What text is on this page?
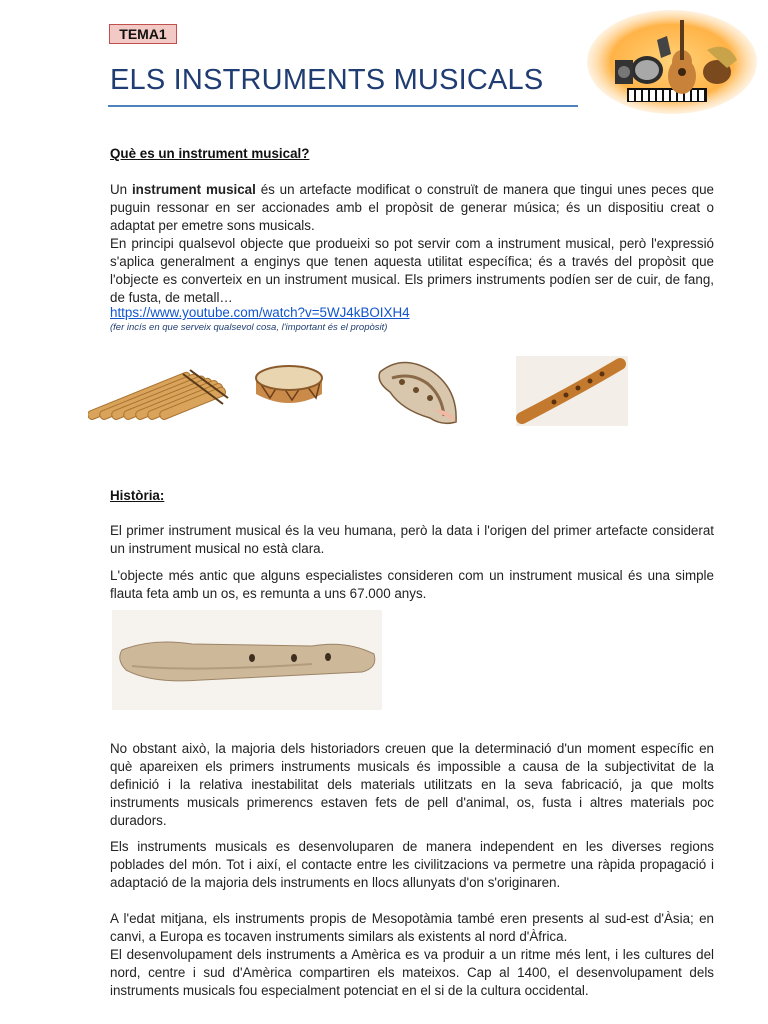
TEMA1
ELS INSTRUMENTS MUSICALS
Què es un instrument musical?
Un instrument musical és un artefacte modificat o construït de manera que tingui unes peces que puguin ressonar en ser accionades amb el propòsit de generar música; és un dispositiu creat o adaptat per emetre sons musicals.
En principi qualsevol objecte que produeixi so pot servir com a instrument musical, però l'expressió s'aplica generalment a enginys que tenen aquesta utilitat específica; és a través del propòsit que l'objecte es converteix en un instrument musical. Els primers instruments podíen ser de cuir, de fang, de fusta, de metall…
https://www.youtube.com/watch?v=5WJ4kBOIXH4
(fer incís en que serveix qualsevol cosa, l'important és el propòsit)
Història:
El primer instrument musical és la veu humana, però la data i l'origen del primer artefacte considerat un instrument musical no està clara.
L'objecte més antic que alguns especialistes consideren com un instrument musical és una simple flauta feta amb un os, es remunta a uns 67.000 anys.
No obstant això, la majoria dels historiadors creuen que la determinació d'un moment específic en què apareixen els primers instruments musicals és impossible a causa de la subjectivitat de la definició i la relativa inestabilitat dels materials utilitzats en la seva fabricació, ja que molts instruments musicals primerencs estaven fets de pell d'animal, os, fusta i altres materials poc duradors.
Els instruments musicals es desenvoluparen de manera independent en les diverses regions poblades del món. Tot i així, el contacte entre les civilitzacions va permetre una ràpida propagació i adaptació de la majoria dels instruments en llocs allunyats d'on s'originaren.
A l'edat mitjana, els instruments propis de Mesopotàmia també eren presents al sud-est d'Àsia; en canvi, a Europa es tocaven instruments similars als existents al nord d'Àfrica.
El desenvolupament dels instruments a Amèrica es va produir a un ritme més lent, i les cultures del nord, centre i sud d'Amèrica compartiren els mateixos. Cap al 1400, el desenvolupament dels instruments musicals fou especialment potenciat en el si de la cultura occidental.
